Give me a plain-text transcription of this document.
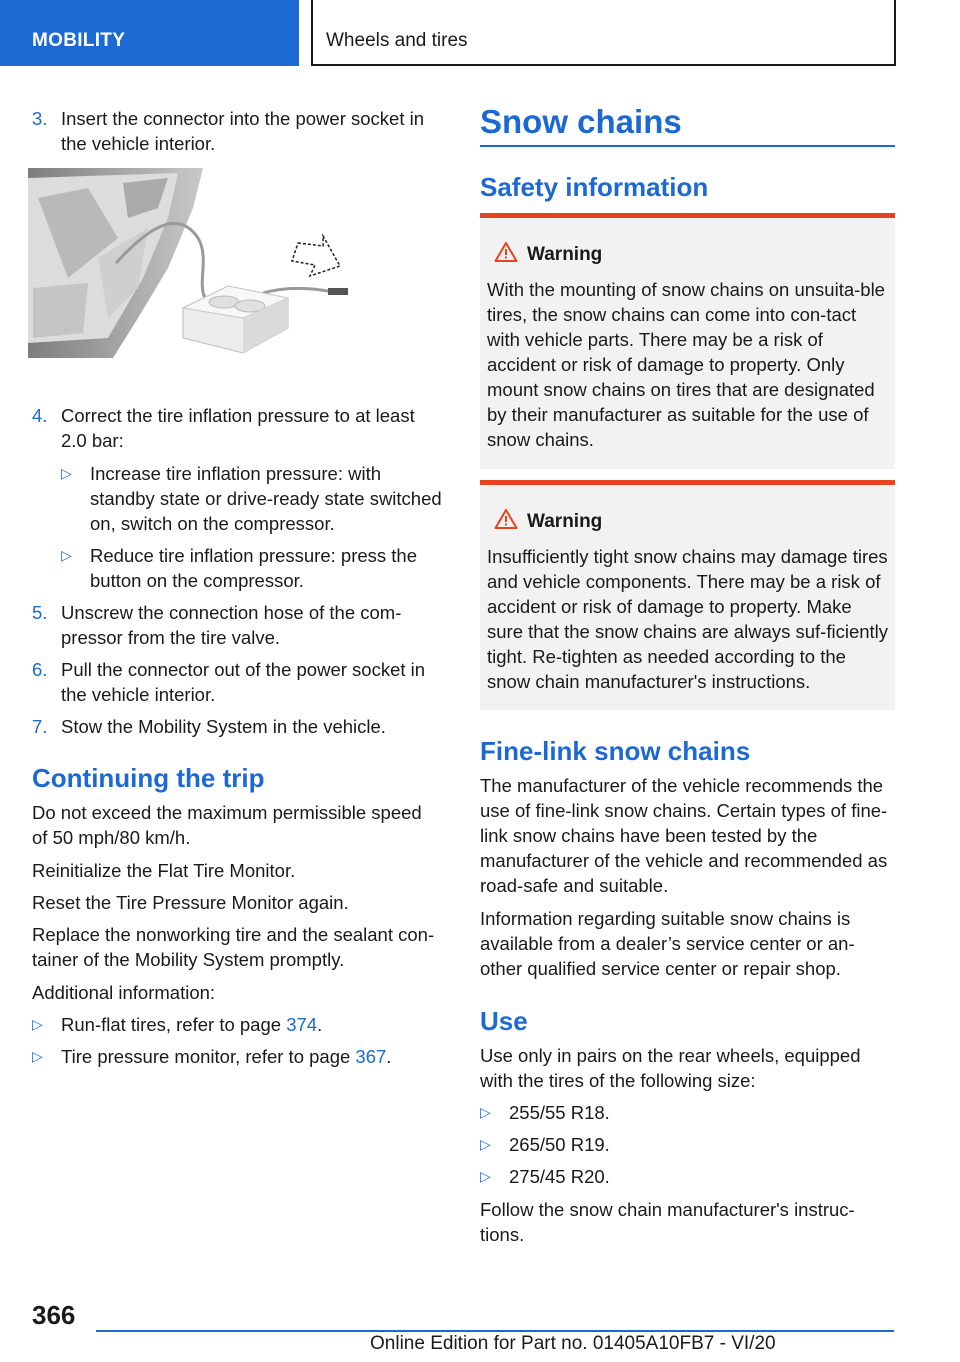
MOBILITY	Wheels and tires
3. Insert the connector into the power socket in the vehicle interior.
4. Correct the tire inflation pressure to at least 2.0 bar:
▷ Increase tire inflation pressure: with standby state or drive-ready state switched on, switch on the compressor.
▷ Reduce tire inflation pressure: press the button on the compressor.
5. Unscrew the connection hose of the com-pressor from the tire valve.
6. Pull the connector out of the power socket in the vehicle interior.
7. Stow the Mobility System in the vehicle.
Continuing the trip
Do not exceed the maximum permissible speed of 50 mph/80 km/h.
Reinitialize the Flat Tire Monitor.
Reset the Tire Pressure Monitor again.
Replace the nonworking tire and the sealant con-tainer of the Mobility System promptly.
Additional information:
▷ Run-flat tires, refer to page 374.
▷ Tire pressure monitor, refer to page 367.
Snow chains
Safety information
Warning
With the mounting of snow chains on unsuita-ble tires, the snow chains can come into con-tact with vehicle parts. There may be a risk of accident or risk of damage to property. Only mount snow chains on tires that are designated by their manufacturer as suitable for the use of snow chains.
Warning
Insufficiently tight snow chains may damage tires and vehicle components. There may be a risk of accident or risk of damage to property. Make sure that the snow chains are always suf-ficiently tight. Re-tighten as needed according to the snow chain manufacturer's instructions.
Fine-link snow chains
The manufacturer of the vehicle recommends the use of fine-link snow chains. Certain types of fine-link snow chains have been tested by the manufacturer of the vehicle and recommended as road-safe and suitable.
Information regarding suitable snow chains is available from a dealer’s service center or an-other qualified service center or repair shop.
Use
Use only in pairs on the rear wheels, equipped with the tires of the following size:
▷ 255/55 R18.
▷ 265/50 R19.
▷ 275/45 R20.
Follow the snow chain manufacturer's instruc-tions.
366
Online Edition for Part no. 01405A10FB7 - VI/20
